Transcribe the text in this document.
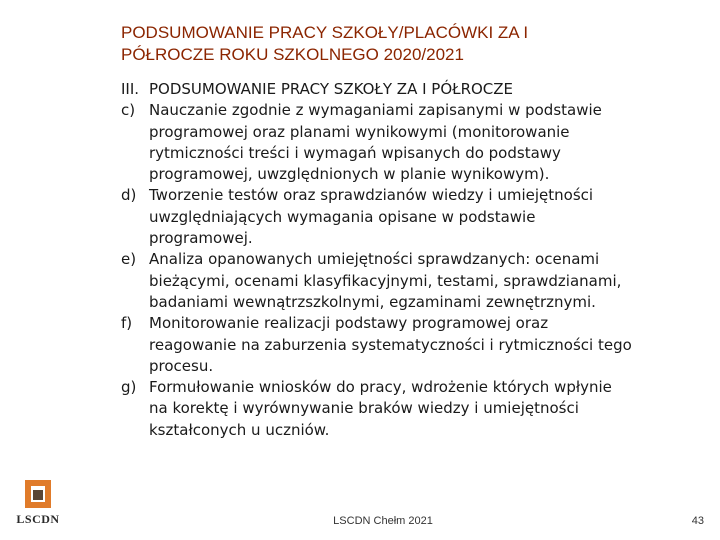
PODSUMOWANIE PRACY SZKOŁY/PLACÓWKI ZA I
PÓŁROCZE ROKU SZKOLNEGO 2020/2021
III. PODSUMOWANIE PRACY SZKOŁY ZA I PÓŁROCZE
c) Nauczanie zgodnie z wymaganiami zapisanymi w podstawie
programowej oraz planami wynikowymi (monitorowanie
rytmiczności treści i wymagań wpisanych do podstawy
programowej, uwzględnionych w planie wynikowym).
d) Tworzenie testów oraz sprawdzianów wiedzy i umiejętności
uwzględniających wymagania opisane w podstawie
programowej.
e) Analiza opanowanych umiejętności sprawdzanych: ocenami
bieżącymi, ocenami klasyfikacyjnymi, testami, sprawdzianami,
badaniami wewnątrzszkolnymi, egzaminami zewnętrznymi.
f) Monitorowanie realizacji podstawy programowej oraz
reagowanie na zaburzenia systematyczności i rytmiczności tego
procesu.
g) Formułowanie wniosków do pracy, wdrożenie których wpłynie
na korektę i wyrównywanie braków wiedzy i umiejętności
kształconych u uczniów.
LSCDN	LSCDN Chełm 2021	43
